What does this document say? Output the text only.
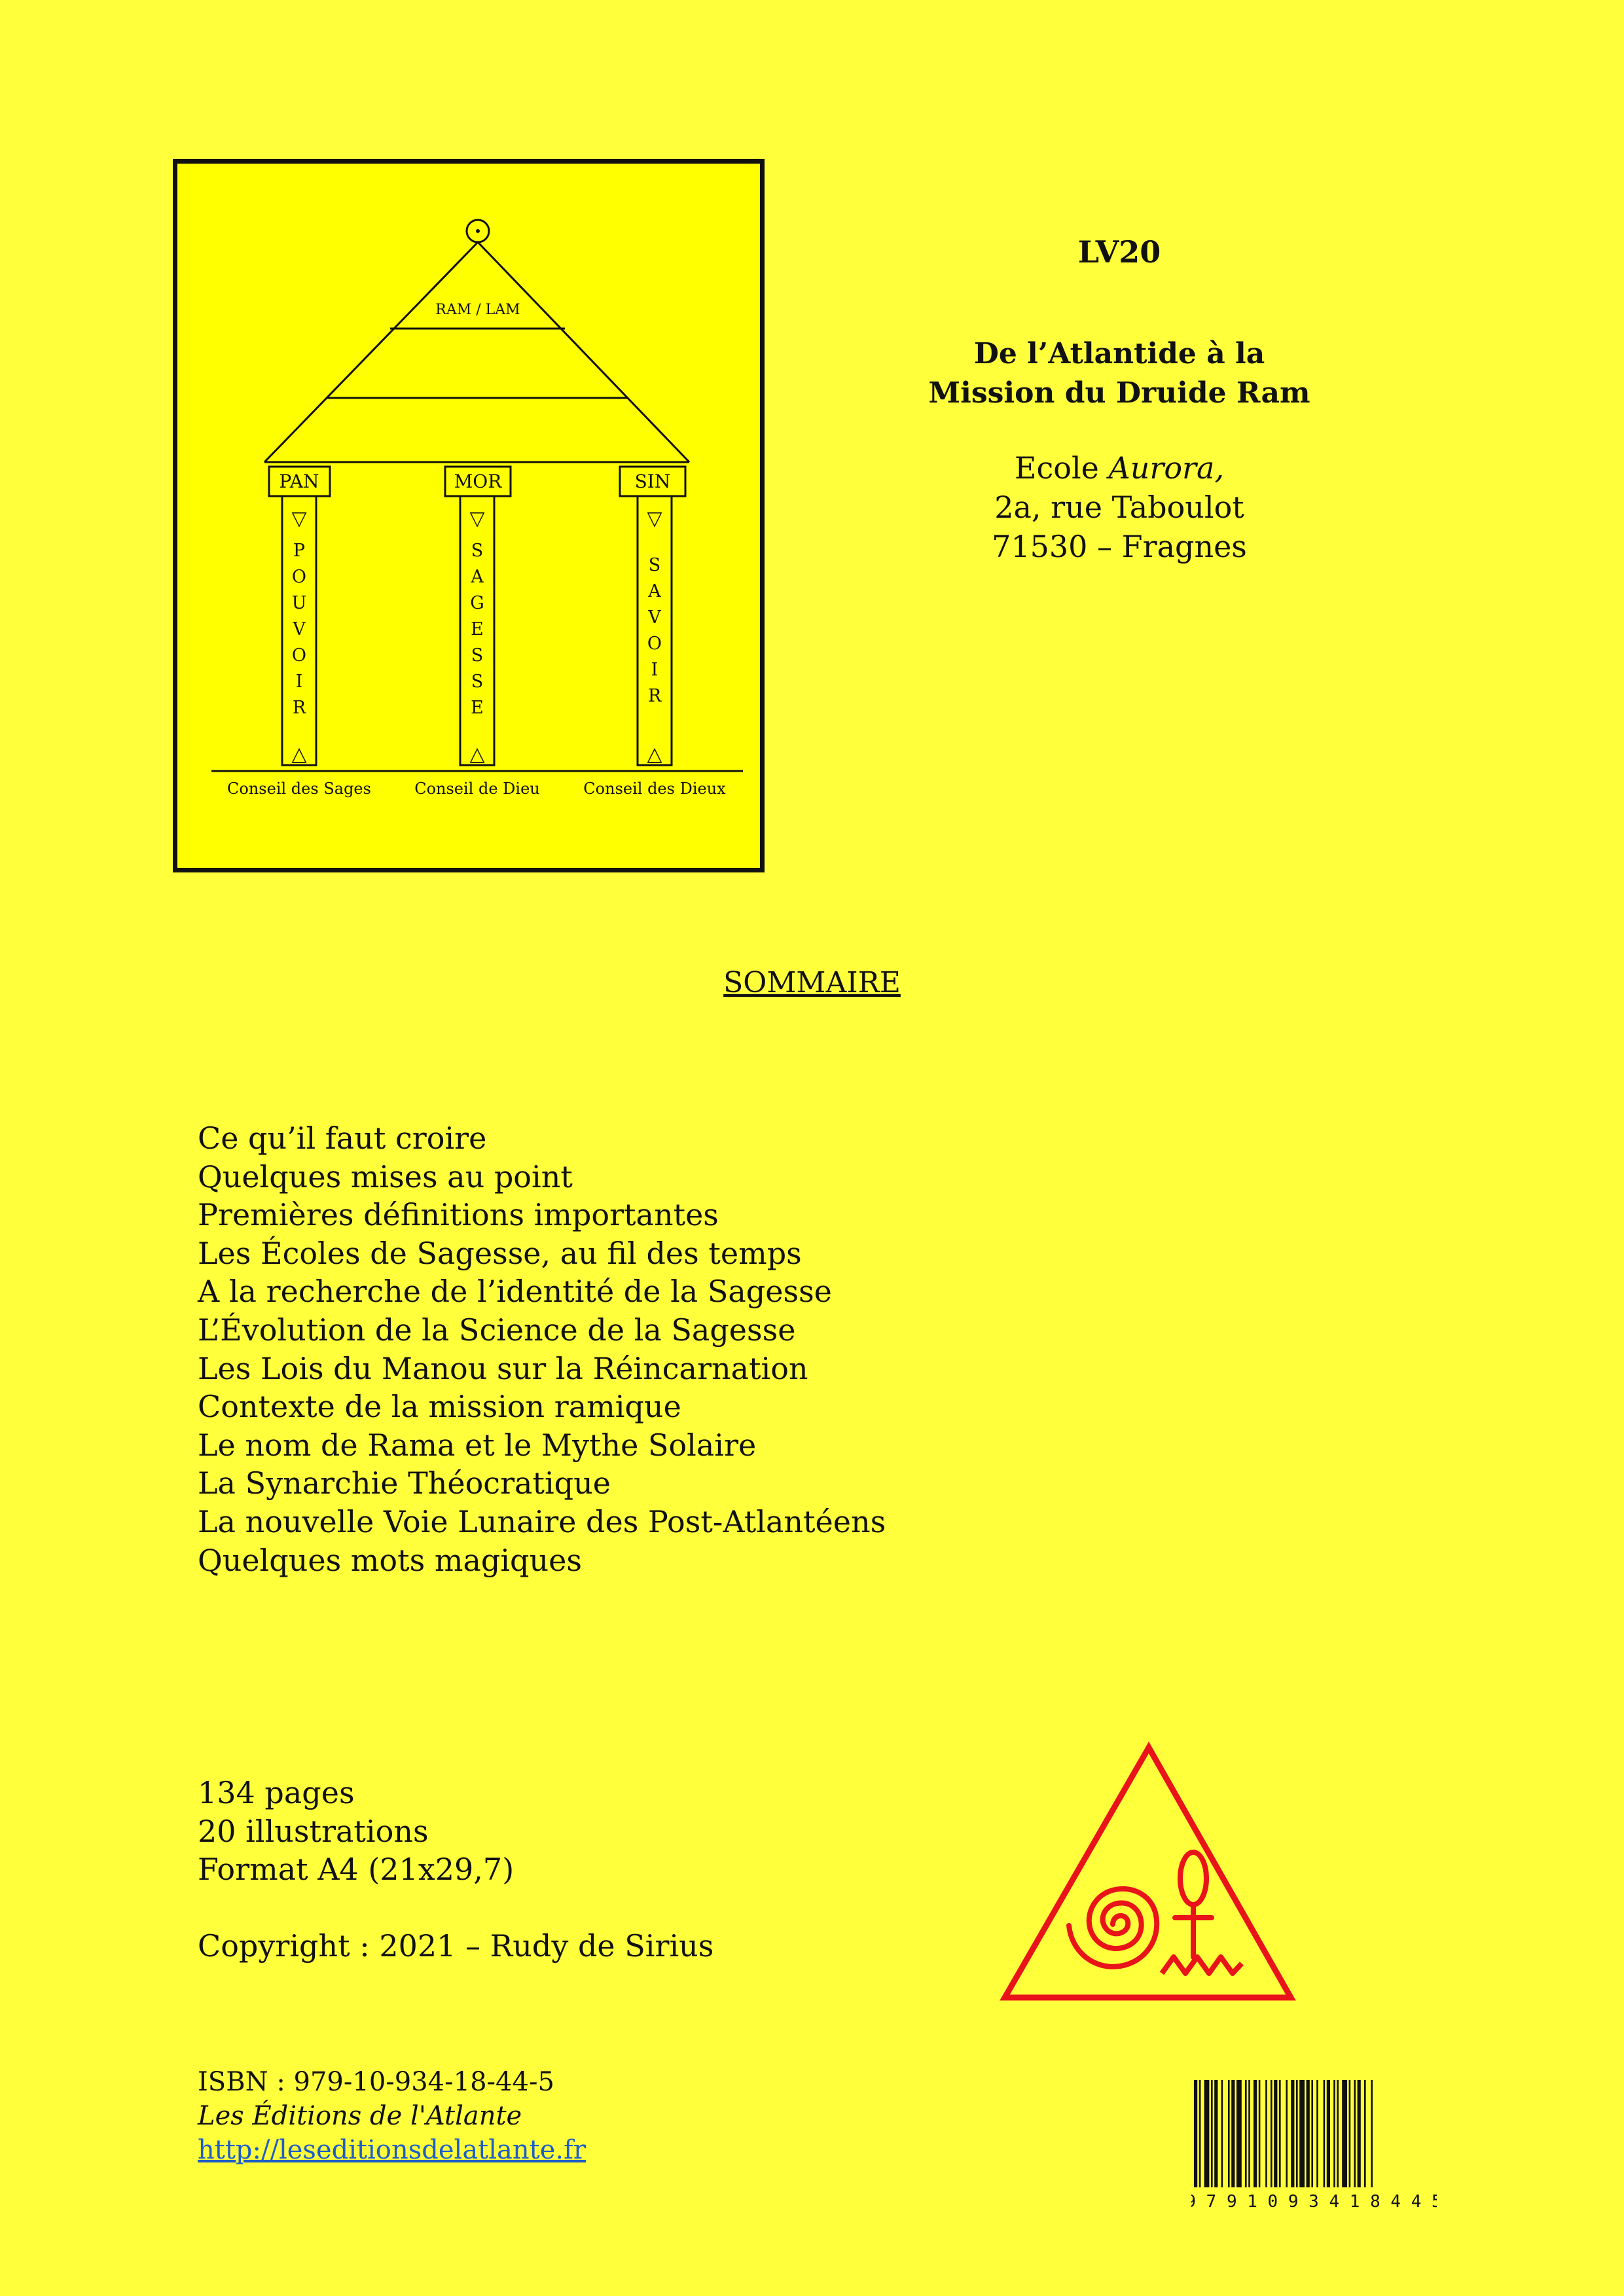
RAM / LAM
PAN
▽
P
O
U
V
O
I
R
△
Conseil des Sages
MOR
▽
S
A
G
E
S
S
E
△
Conseil de Dieu
SIN
▽
S
A
V
O
I
R
△
Conseil des Dieux

LV20

De l’Atlantide à la
Mission du Druide Ram

Ecole Aurora,
2a, rue Taboulot
71530 – Fragnes

SOMMAIRE
Ce qu’il faut croire
Quelques mises au point
Premières définitions importantes
Les Écoles de Sagesse, au fil des temps
A la recherche de l’identité de la Sagesse
L’Évolution de la Science de la Sagesse
Les Lois du Manou sur la Réincarnation
Contexte de la mission ramique
Le nom de Rama et le Mythe Solaire
La Synarchie Théocratique
La nouvelle Voie Lunaire des Post-Atlantéens
Quelques mots magiques
134 pages
20 illustrations
Format A4 (21x29,7)
Copyright : 2021 – Rudy de Sirius
ISBN : 979-10-934-18-44-5
Les Éditions de l'Atlante
http://leseditionsdelatlante.fr
9 7 9 1 0 9 3 4 1 8 4 4 5
